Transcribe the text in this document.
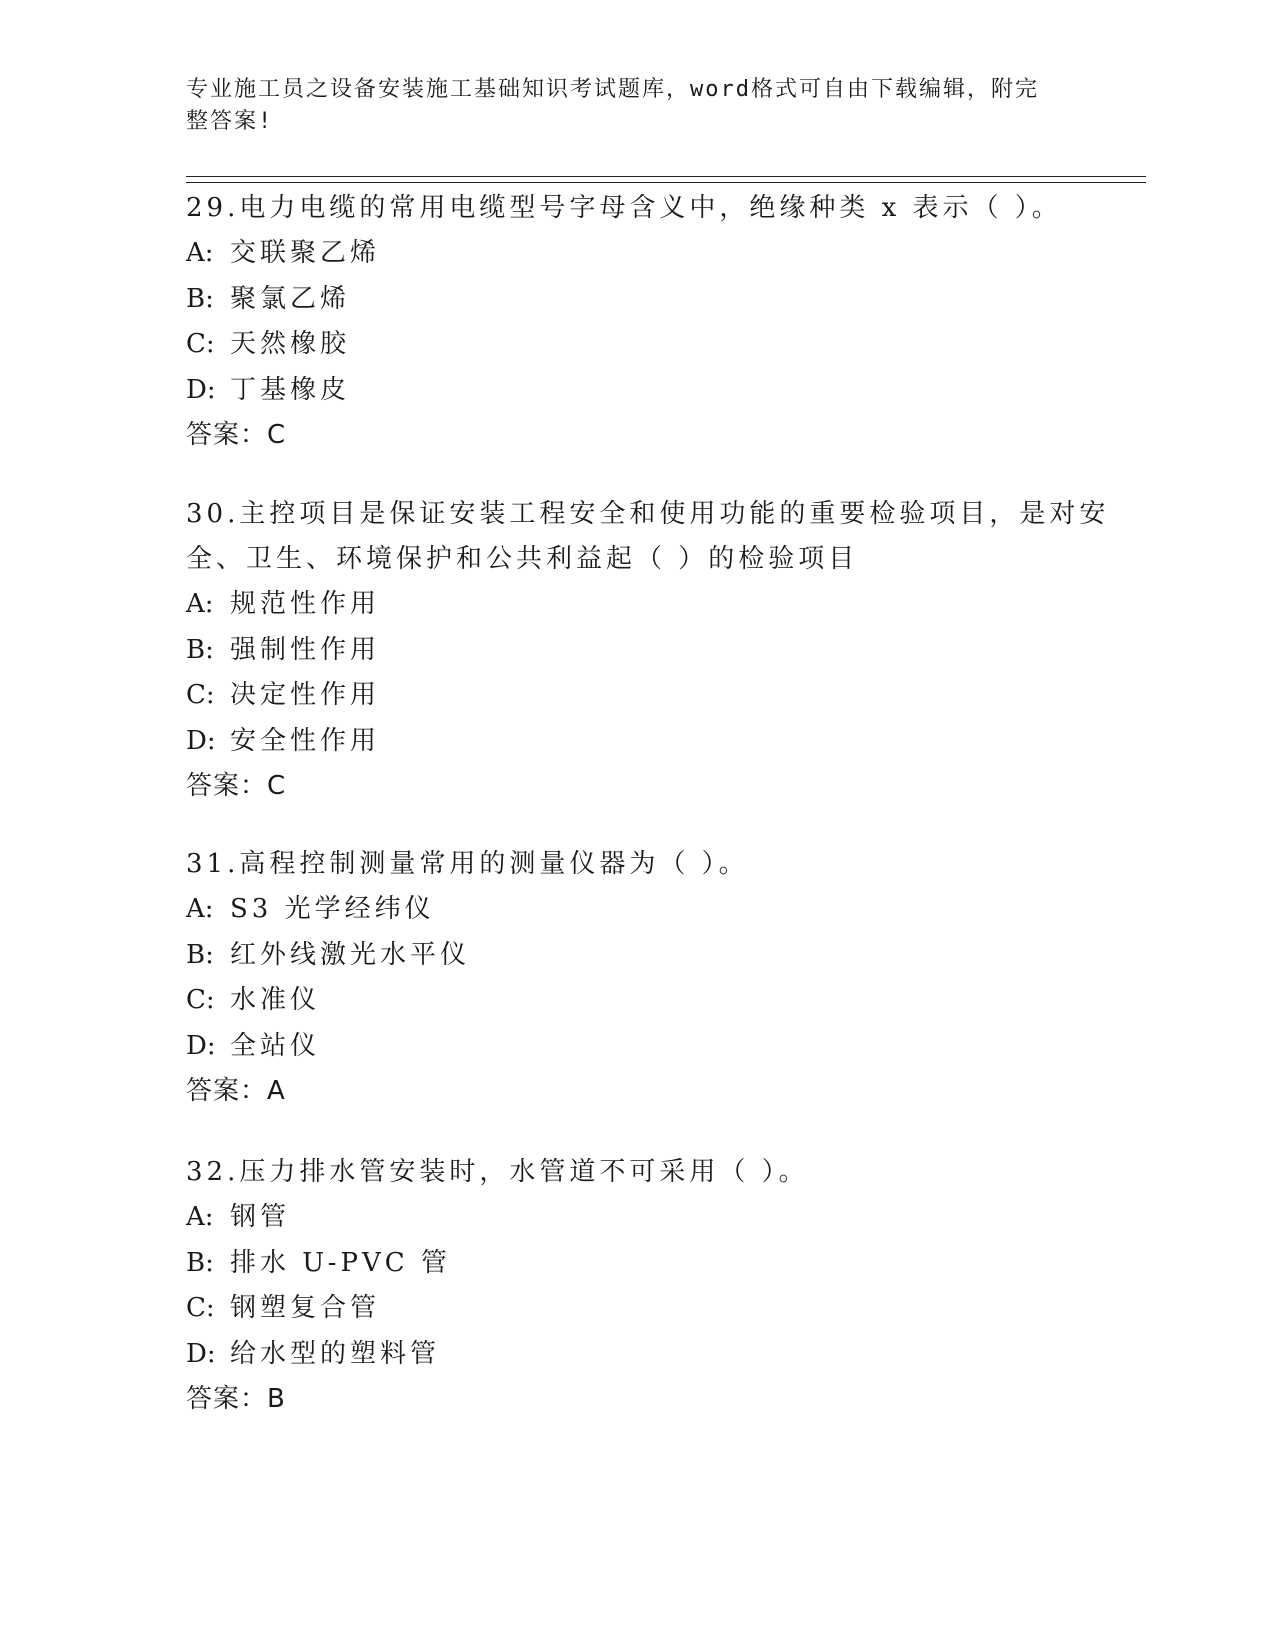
专业施工员之设备安装施工基础知识考试题库，word格式可自由下载编辑，附完
整答案!
29.电力电缆的常用电缆型号字母含义中，绝缘种类 x 表示（ ）。
A: 交联聚乙烯
B: 聚氯乙烯
C: 天然橡胶
D: 丁基橡皮
答案：C
30.主控项目是保证安装工程安全和使用功能的重要检验项目，是对安
全、卫生、环境保护和公共利益起（ ）的检验项目
A: 规范性作用
B: 强制性作用
C: 决定性作用
D: 安全性作用
答案：C
31.高程控制测量常用的测量仪器为（ ）。
A: S3 光学经纬仪
B: 红外线激光水平仪
C: 水准仪
D: 全站仪
答案：A
32.压力排水管安装时，水管道不可采用（ ）。
A: 钢管
B: 排水 U-PVC 管
C: 钢塑复合管
D: 给水型的塑料管
答案：B
